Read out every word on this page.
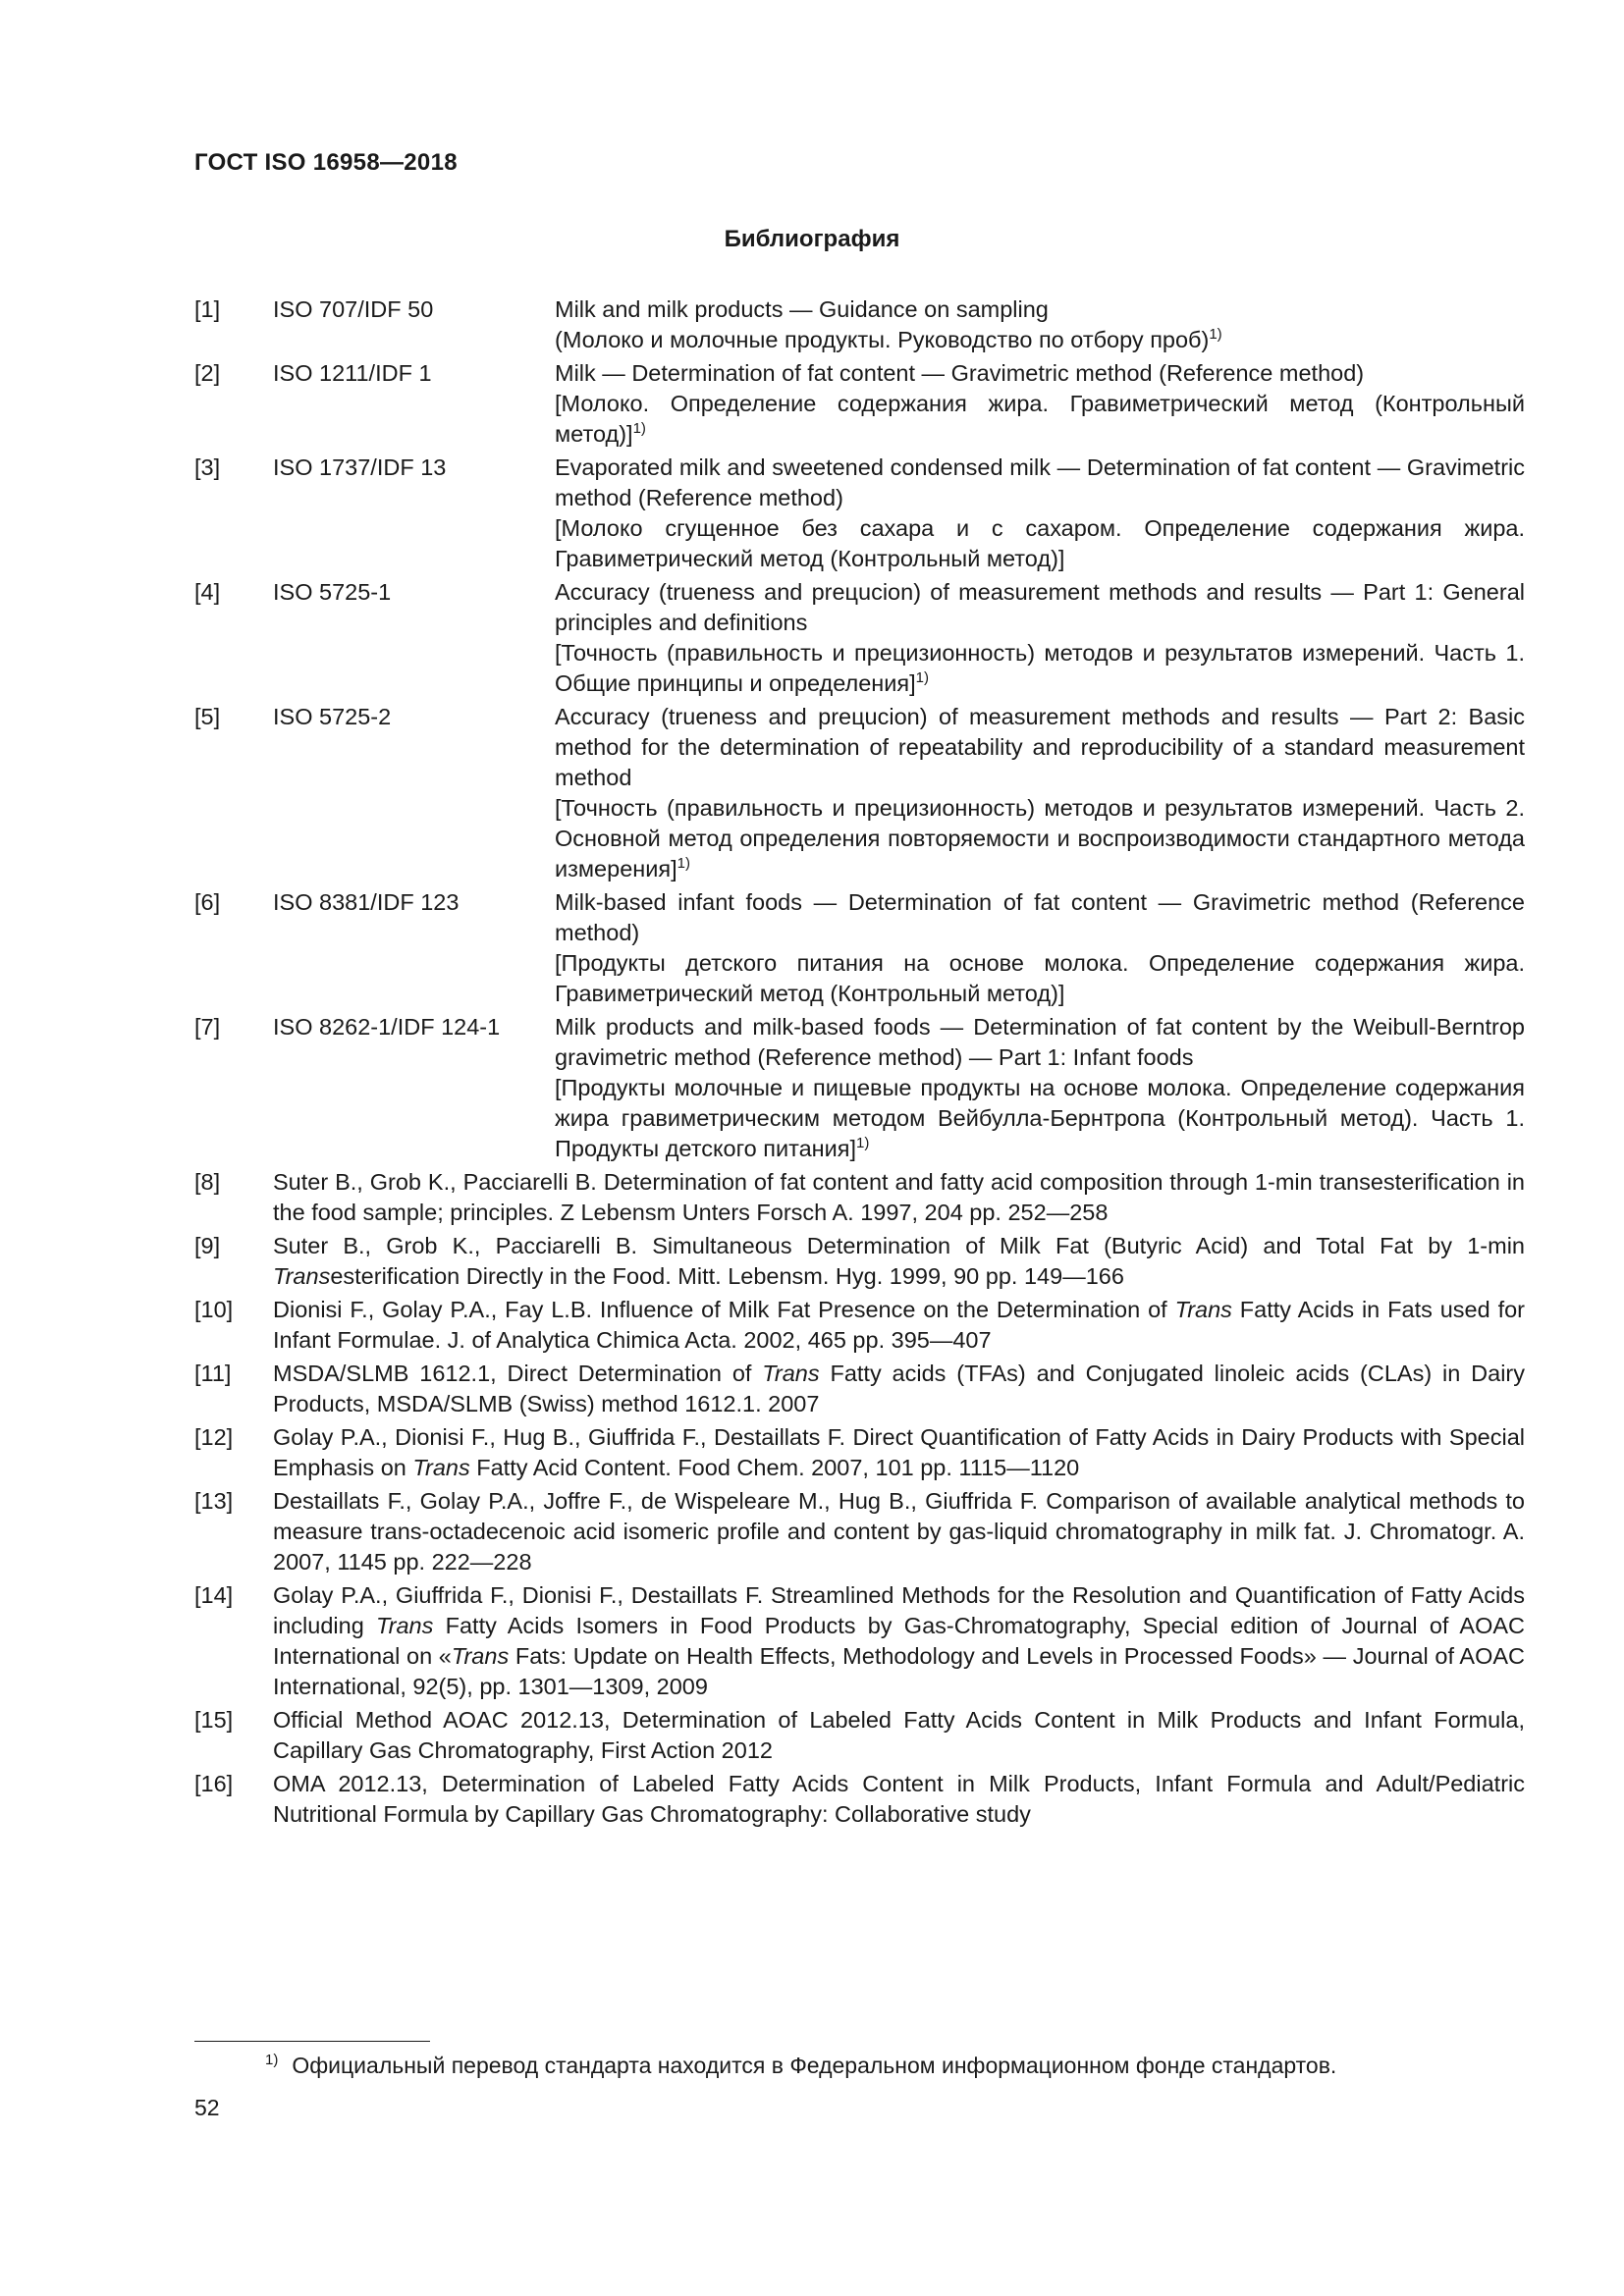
ГОСТ ISO 16958—2018
Библиография
[1] ISO 707/IDF 50	Milk and milk products — Guidance on sampling
(Молоко и молочные продукты. Руководство по отбору проб)$^{1)}$
[2] ISO 1211/IDF 1	Milk — Determination of fat content — Gravimetric method (Reference method)
[Молоко. Определение содержания жира. Гравиметрический метод (Контрольный метод)]$^{1)}$
[3] ISO 1737/IDF 13	Evaporated milk and sweetened condensed milk — Determination of fat content — Gravimetric method (Reference method)
[Молоко сгущенное без сахара и с сахаром. Определение содержания жира. Гравиметрический метод (Контрольный метод)]
[4] ISO 5725-1	Accuracy (trueness and preцucion) of measurement methods and results — Part 1: General principles and definitions
[Точность (правильность и прецизионность) методов и результатов измерений. Часть 1. Общие принципы и определения]$^{1)}$
[5] ISO 5725-2	Accuracy (trueness and preцucion) of measurement methods and results — Part 2: Basic method for the determination of repeatability and reproducibility of a standard measurement method
[Точность (правильность и прецизионность) методов и результатов измерений. Часть 2. Основной метод определения повторяемости и воспроизводимости стандартного метода измерения]$^{1)}$
[6] ISO 8381/IDF 123	Milk-based infant foods — Determination of fat content — Gravimetric method (Reference method)
[Продукты детского питания на основе молока. Определение содержания жира. Гравиметрический метод (Контрольный метод)]
[7] ISO 8262-1/IDF 124-1 Milk products and milk-based foods — Determination of fat content by the Weibull-Berntrop gravimetric method (Reference method) — Part 1: Infant foods
[Продукты молочные и пищевые продукты на основе молока. Определение содержания жира гравиметрическим методом Вейбулла-Бернтропа (Контрольный метод). Часть 1. Продукты детского питания]$^{1)}$
[8] Suter B., Grob K., Pacciarelli B. Determination of fat content and fatty acid composition through 1-min transesterification in the food sample; principles. Z Lebensm Unters Forsch A. 1997, 204 pp. 252—258
[9] Suter B., Grob K., Pacciarelli B. Simultaneous Determination of Milk Fat (Butyric Acid) and Total Fat by 1-min Transesterification Directly in the Food. Mitt. Lebensm. Hyg. 1999, 90 pp. 149—166
[10] Dionisi F., Golay P.A., Fay L.B. Influence of Milk Fat Presence on the Determination of Trans Fatty Acids in Fats used for Infant Formulae. J. of Analytica Chimica Acta. 2002, 465 pp. 395—407
[11] MSDA/SLMB 1612.1, Direct Determination of Trans Fatty acids (TFAs) and Conjugated linoleic acids (CLAs) in Dairy Products, MSDA/SLMB (Swiss) method 1612.1. 2007
[12] Golay P.A., Dionisi F., Hug B., Giuffrida F., Destaillats F. Direct Quantification of Fatty Acids in Dairy Products with Special Emphasis on Trans Fatty Acid Content. Food Chem. 2007, 101 pp. 1115—1120
[13] Destaillats F., Golay P.A., Joffre F., de Wispeleare M., Hug B., Giuffrida F. Comparison of available analytical methods to measure trans-octadecenoic acid isomeric profile and content by gas-liquid chromatography in milk fat. J. Chromatogr. A. 2007, 1145 pp. 222—228
[14] Golay P.A., Giuffrida F., Dionisi F., Destaillats F. Streamlined Methods for the Resolution and Quantification of Fatty Acids including Trans Fatty Acids Isomers in Food Products by Gas-Chromatography, Special edition of Journal of AOAC International on «Trans Fats: Update on Health Effects, Methodology and Levels in Processed Foods» — Journal of AOAC International, 92(5), pp. 1301—1309, 2009
[15] Official Method AOAC 2012.13, Determination of Labeled Fatty Acids Content in Milk Products and Infant Formula, Capillary Gas Chromatography, First Action 2012
[16] OMA 2012.13, Determination of Labeled Fatty Acids Content in Milk Products, Infant Formula and Adult/Pediatric Nutritional Formula by Capillary Gas Chromatography: Collaborative study
$^{1)}$ Официальный перевод стандарта находится в Федеральном информационном фонде стандартов.
52
